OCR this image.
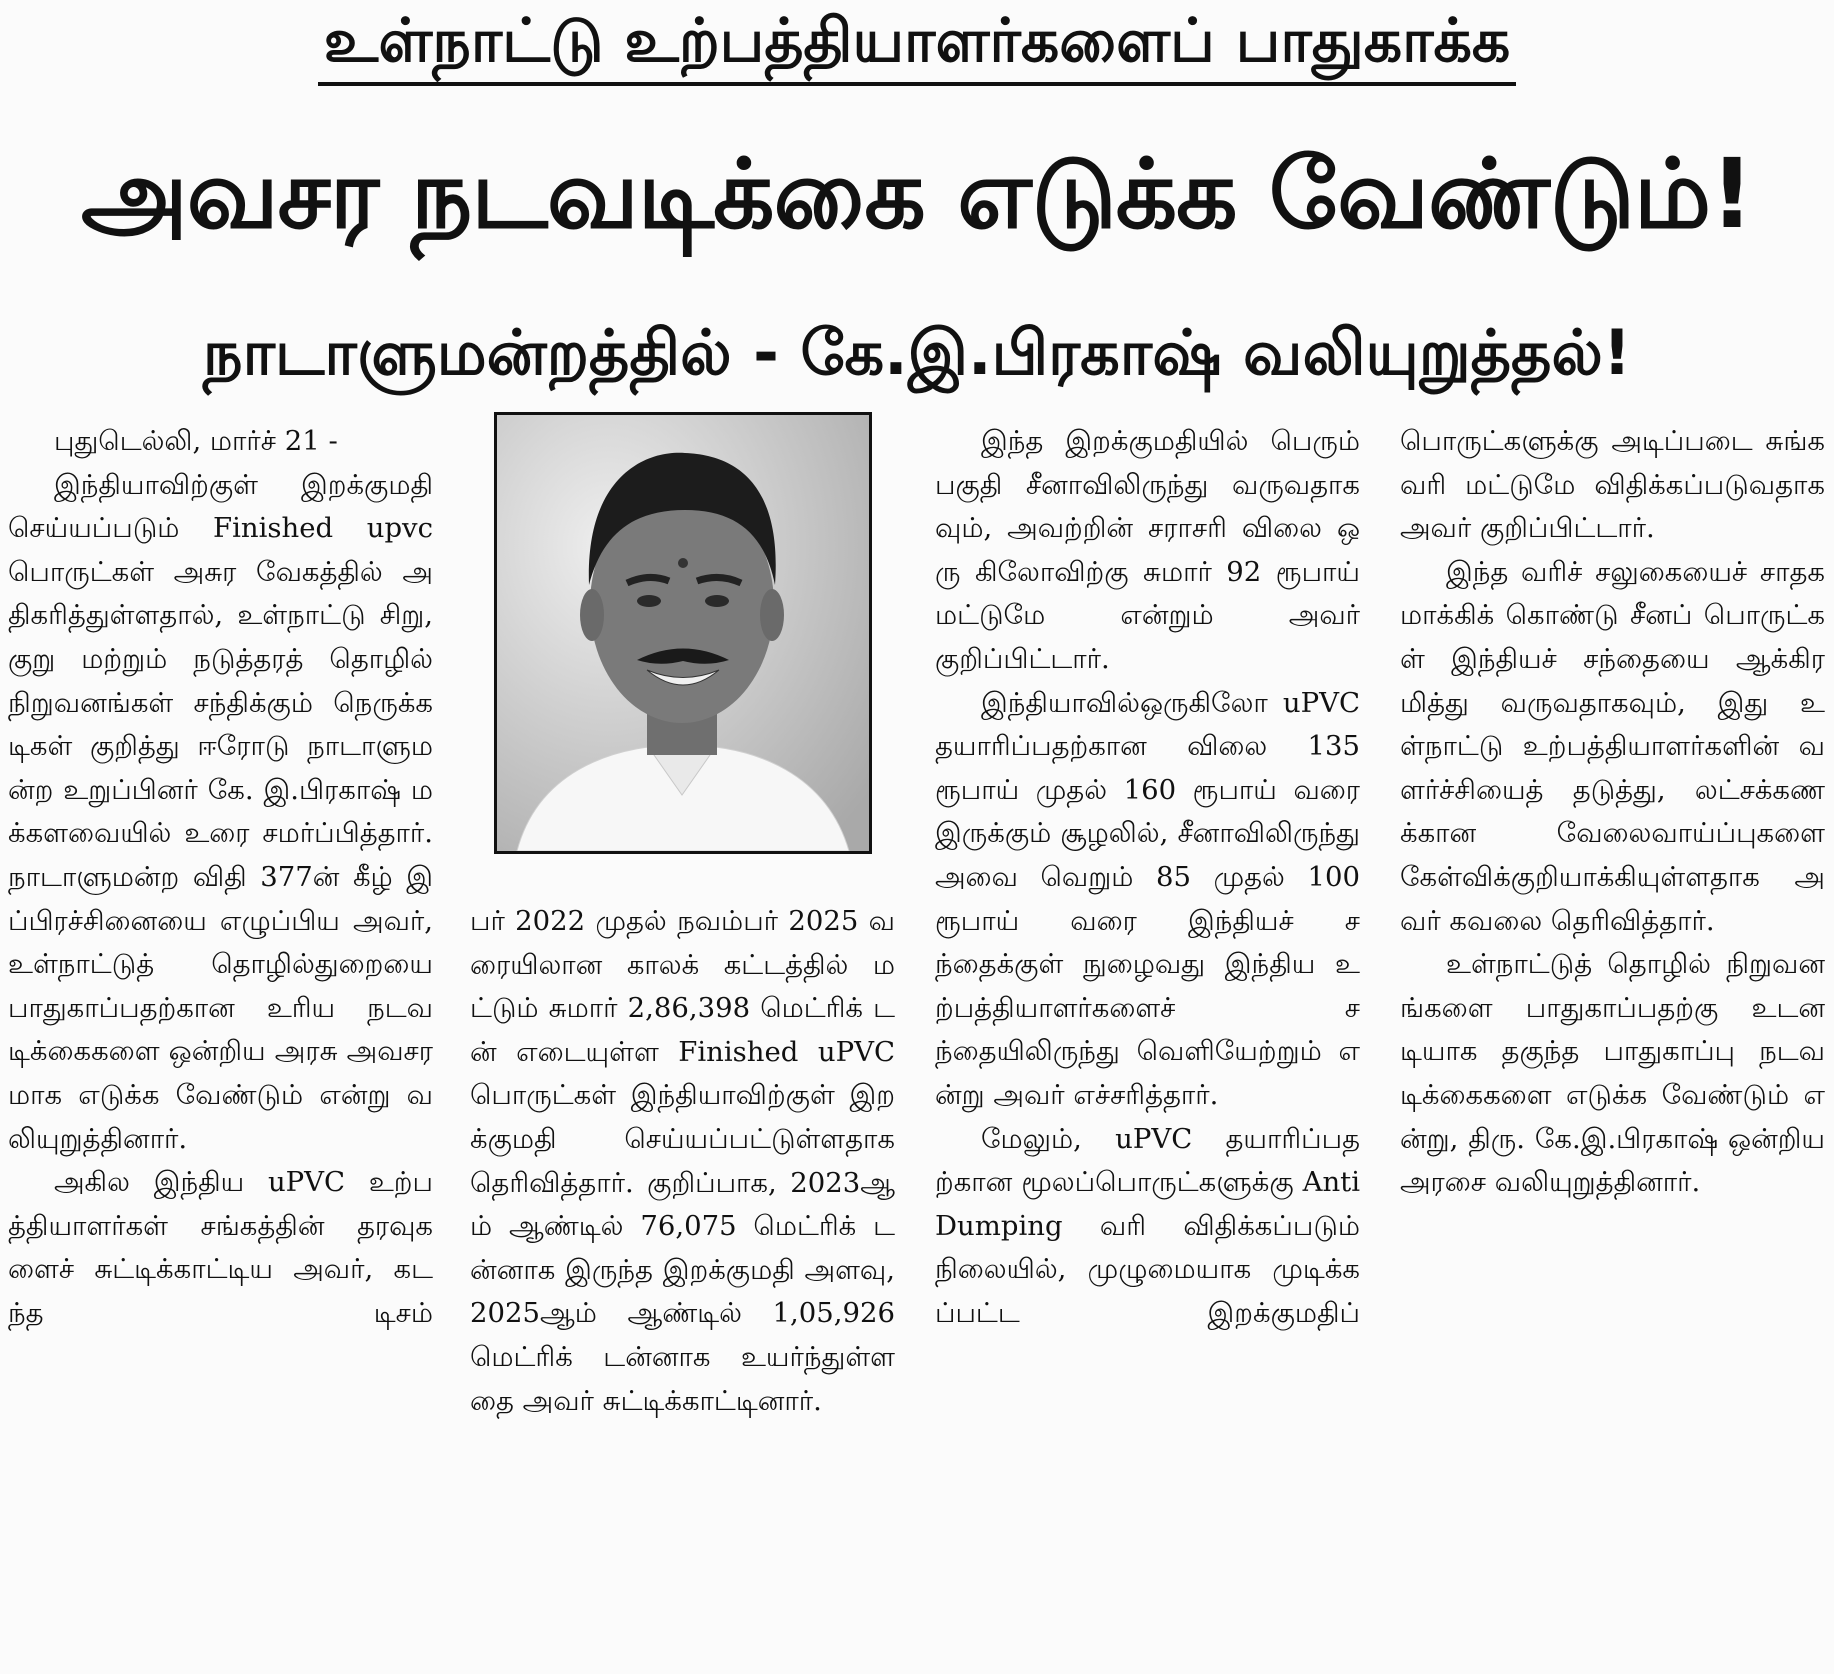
உள்நாட்டு உற்பத்தியாளர்களைப் பாதுகாக்க
அவசர நடவடிக்கை எடுக்க வேண்டும்!
நாடாளுமன்றத்தில் - கே.இ.பிரகாஷ் வலியுறுத்தல்!

புதுடெல்லி, மார்ச் 21 -

இந்தியாவிற்குள் இறக்குமதி செய்யப்படும் Finished upvc பொருட்கள் அசுர வேகத்தில் அதிகரித்துள்ளதால், உள்நாட்டு சிறு, குறு மற்றும் நடுத்தரத் தொழில் நிறுவனங்கள் சந்திக்கும் நெருக்கடிகள் குறித்து ஈரோடு நாடாளுமன்ற உறுப்பினர் கே. இ.பிரகாஷ் மக்களவையில் உரை சமர்ப்பித்தார். நாடாளுமன்ற விதி 377ன் கீழ் இப்பிரச்சினையை எழுப்பிய அவர், உள்நாட்டுத் தொழில்துறையை பாதுகாப்பதற்கான உரிய நடவடிக்கைகளை ஒன்றிய அரசு அவசரமாக எடுக்க வேண்டும் என்று வலியுறுத்தினார்.

அகில இந்திய uPVC உற்பத்தியாளர்கள் சங்கத்தின் தரவுகளைச் சுட்டிக்காட்டிய அவர், கடந்த டிசம்

பர் 2022 முதல் நவம்பர் 2025 வரையிலான காலக் கட்டத்தில் மட்டும் சுமார் 2,86,398 மெட்ரிக் டன் எடையுள்ள Finished uPVC பொருட்கள் இந்தியாவிற்குள் இறக்குமதி செய்யப்பட்டுள்ளதாக தெரிவித்தார். குறிப்பாக, 2023ஆம் ஆண்டில் 76,075 மெட்ரிக் டன்னாக இருந்த இறக்குமதி அளவு, 2025ஆம் ஆண்டில் 1,05,926 மெட்ரிக் டன்னாக உயர்ந்துள்ளதை அவர் சுட்டிக்காட்டினார்.

இந்த இறக்குமதியில் பெரும் பகுதி சீனாவிலிருந்து வருவதாகவும், அவற்றின் சராசரி விலை ஒரு கிலோவிற்கு சுமார் 92 ரூபாய் மட்டுமே என்றும் அவர் குறிப்பிட்டார்.

இந்தியாவில்ஒருகிலோ uPVC தயாரிப்பதற்கான விலை 135 ரூபாய் முதல் 160 ரூபாய் வரை இருக்கும் சூழலில், சீனாவிலிருந்து அவை வெறும் 85 முதல் 100 ரூபாய் வரை இந்தியச் சந்தைக்குள் நுழைவது இந்திய உற்பத்தியாளர்களைச் சந்தையிலிருந்து வெளியேற்றும் என்று அவர் எச்சரித்தார்.

மேலும், uPVC தயாரிப்பதற்கான மூலப்பொருட்களுக்கு AntiDumping வரி விதிக்கப்படும் நிலையில், முழுமையாக முடிக்கப்பட்ட இறக்குமதிப்

பொருட்களுக்கு அடிப்படை சுங்க வரி மட்டுமே விதிக்கப்படுவதாக அவர் குறிப்பிட்டார்.

இந்த வரிச் சலுகையைச் சாதகமாக்கிக் கொண்டு சீனப் பொருட்கள் இந்தியச் சந்தையை ஆக்கிரமித்து வருவதாகவும், இது உள்நாட்டு உற்பத்தியாளர்களின் வளர்ச்சியைத் தடுத்து, லட்சக்கணக்கான வேலைவாய்ப்புகளை கேள்விக்குறியாக்கியுள்ளதாக அவர் கவலை தெரிவித்தார்.

உள்நாட்டுத் தொழில் நிறுவனங்களை பாதுகாப்பதற்கு உடனடியாக தகுந்த பாதுகாப்பு நடவடிக்கைகளை எடுக்க வேண்டும் என்று, திரு. கே.இ.பிரகாஷ் ஒன்றிய அரசை வலியுறுத்தினார்.
